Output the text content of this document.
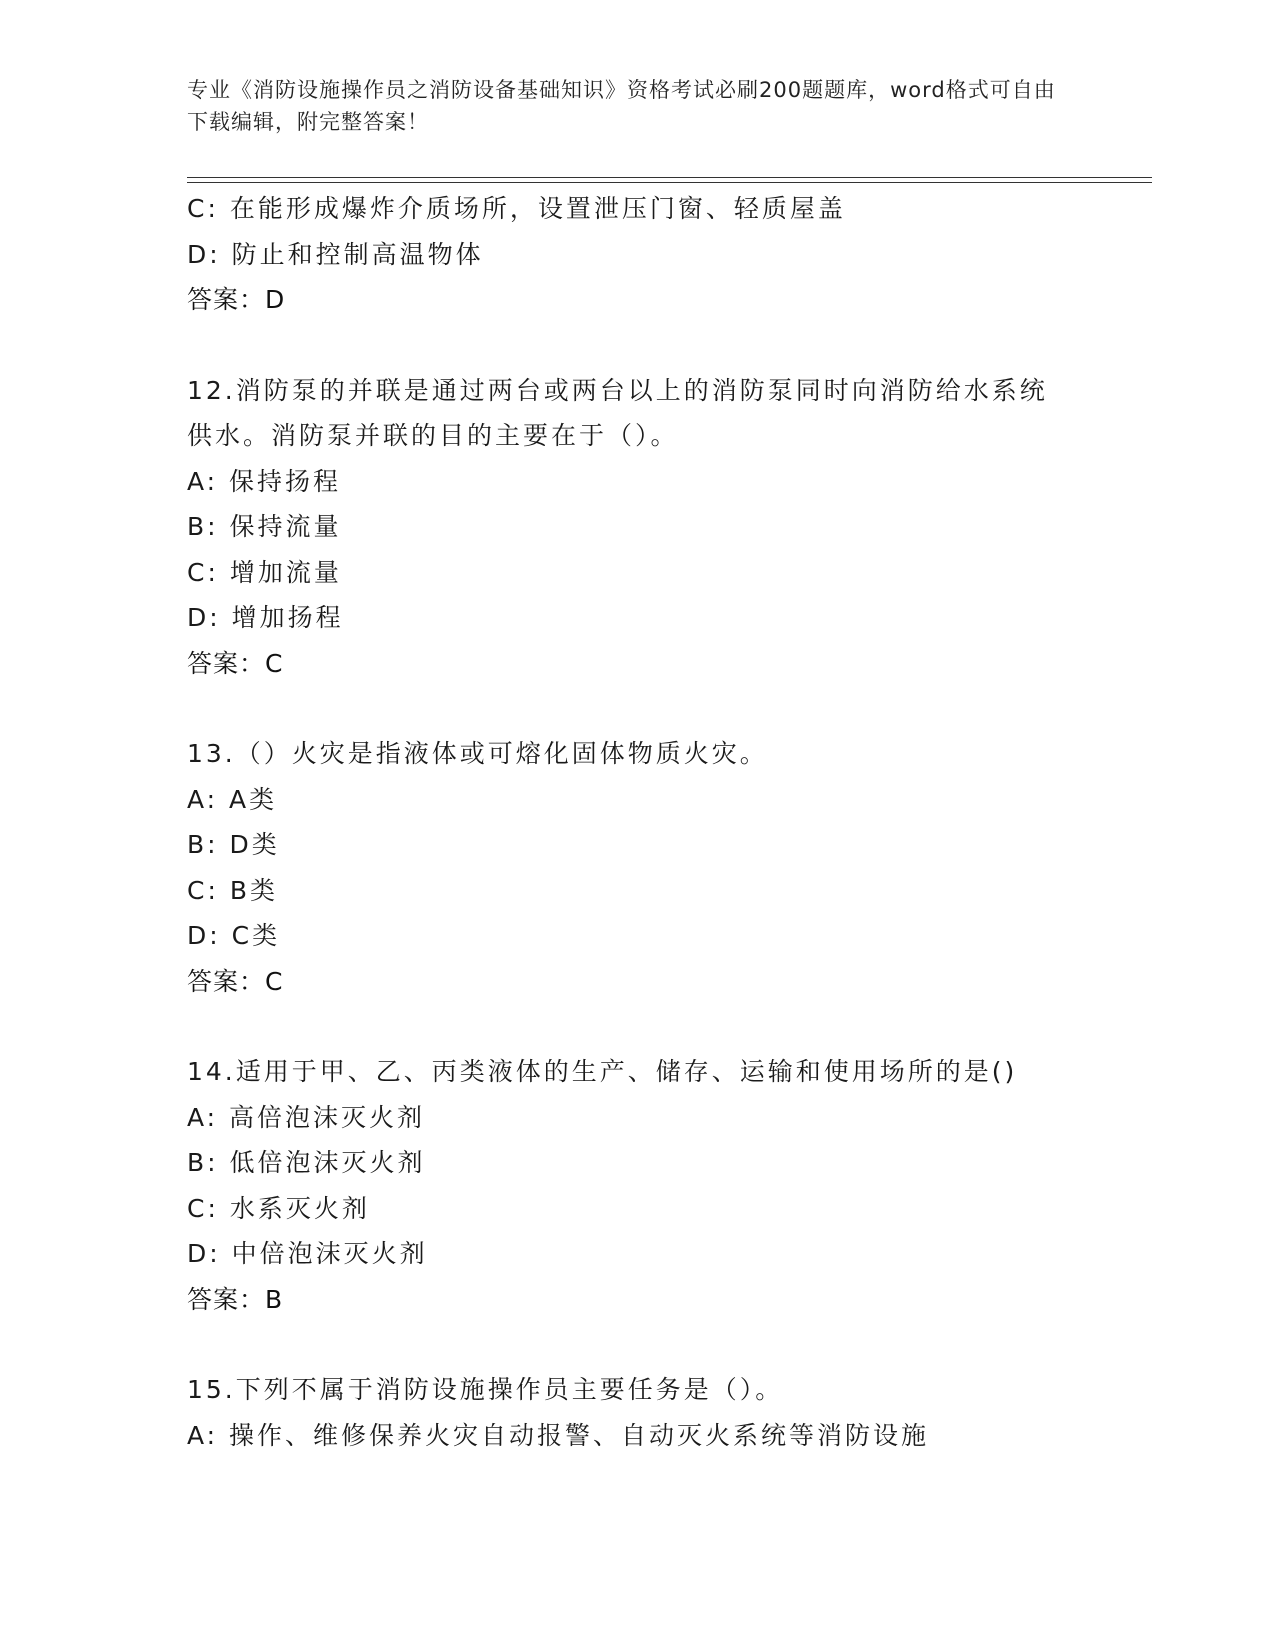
专业《消防设施操作员之消防设备基础知识》资格考试必刷200题题库，word格式可自由下载编辑，附完整答案！
C: 在能形成爆炸介质场所，设置泄压门窗、轻质屋盖
D: 防止和控制高温物体
答案：D
12.消防泵的并联是通过两台或两台以上的消防泵同时向消防给水系统供水。消防泵并联的目的主要在于（）。
A: 保持扬程
B: 保持流量
C: 增加流量
D: 增加扬程
答案：C
13.（）火灾是指液体或可熔化固体物质火灾。
A: A类
B: D类
C: B类
D: C类
答案：C
14.适用于甲、乙、丙类液体的生产、储存、运输和使用场所的是()
A: 高倍泡沫灭火剂
B: 低倍泡沫灭火剂
C: 水系灭火剂
D: 中倍泡沫灭火剂
答案：B
15.下列不属于消防设施操作员主要任务是（）。
A: 操作、维修保养火灾自动报警、自动灭火系统等消防设施
